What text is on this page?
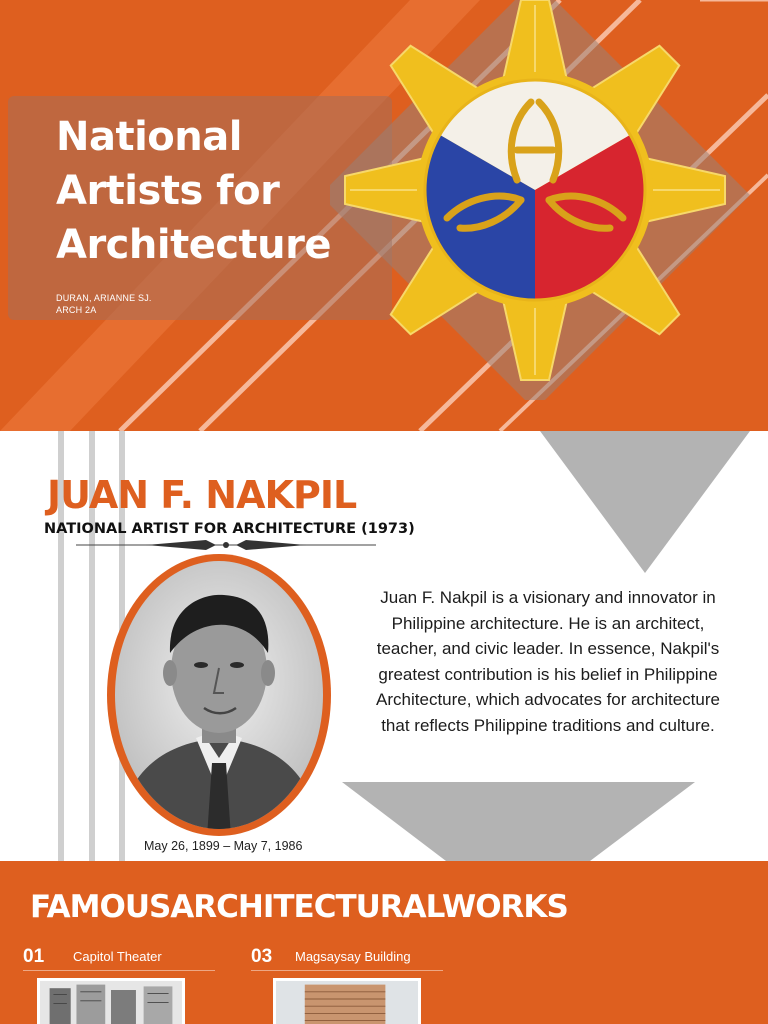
National Artists for Architecture
DURAN, ARIANNE SJ.
ARCH 2A
JUAN F. NAKPIL
NATIONAL ARTIST FOR ARCHITECTURE (1973)
May 26, 1899 – May 7, 1986

Juan F. Nakpil is a visionary and innovator in Philippine architecture. He is an architect, teacher, and civic leader. In essence, Nakpil's greatest contribution is his belief in Philippine Architecture, which advocates for architecture that reflects Philippine traditions and culture.

FAMOUSARCHITECTURALWORKS
01 Capitol Theater	03 Magsaysay Building
